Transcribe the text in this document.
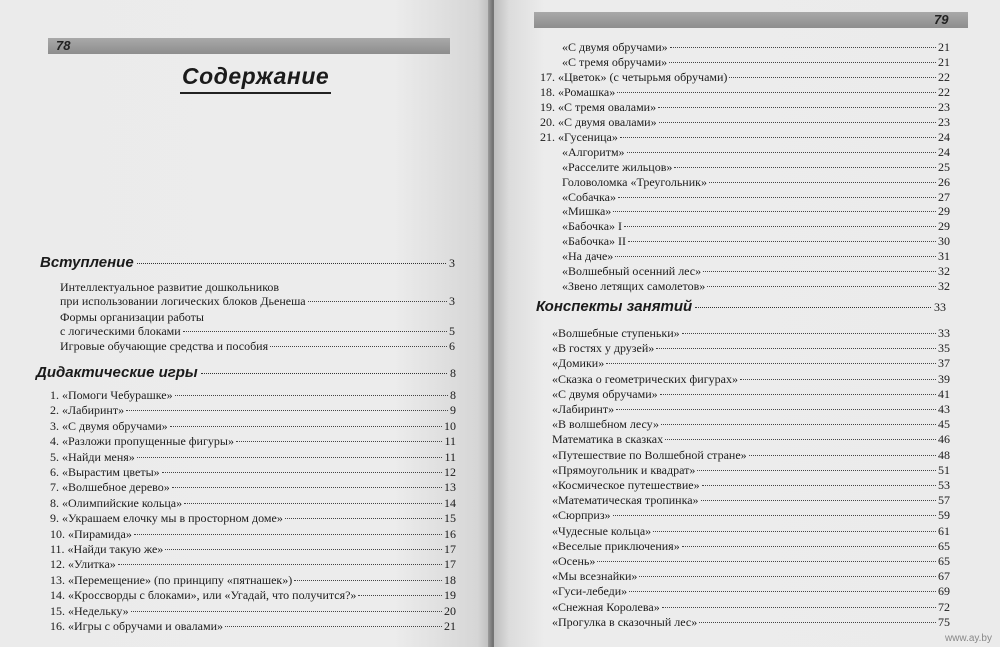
78
Содержание
Вступление	3
Интеллектуальное развитие дошкольников
при использовании логических блоков Дьенеша	3
Формы организации работы
с логическими блоками	5
Игровые обучающие средства и пособия	6
Дидактические игры	8
1. «Помоги Чебурашке»	8
2. «Лабиринт»	9
3. «С двумя обручами»	10
4. «Разложи пропущенные фигуры»	11
5. «Найди меня»	11
6. «Вырастим цветы»	12
7. «Волшебное дерево»	13
8. «Олимпийские кольца»	14
9. «Украшаем елочку мы в просторном доме»	15
10. «Пирамида»	16
11. «Найди такую же»	17
12. «Улитка»	17
13. «Перемещение» (по принципу «пятнашек»)	18
14. «Кроссворды с блоками», или «Угадай, что получится?»	19
15. «Недельку»	20
16. «Игры с обручами и овалами»	21
79
«С двумя обручами»	21
«С тремя обручами»	21
17. «Цветок» (с четырьмя обручами)	22
18. «Ромашка»	22
19. «С тремя овалами»	23
20. «С двумя овалами»	23
21. «Гусеница»	24
«Алгоритм»	24
«Расселите жильцов»	25
Головоломка «Треугольник»	26
«Собачка»	27
«Мишка»	29
«Бабочка» I	29
«Бабочка» II	30
«На даче»	31
«Волшебный осенний лес»	32
«Звено летящих самолетов»	32
Конспекты занятий	33
«Волшебные ступеньки»	33
«В гостях у друзей»	35
«Домики»	37
«Сказка о геометрических фигурах»	39
«С двумя обручами»	41
«Лабиринт»	43
«В волшебном лесу»	45
Математика в сказках	46
«Путешествие по Волшебной стране»	48
«Прямоугольник и квадрат»	51
«Космическое путешествие»	53
«Математическая тропинка»	57
«Сюрприз»	59
«Чудесные кольца»	61
«Веселые приключения»	65
«Осень»	65
«Мы всезнайки»	67
«Гуси-лебеди»	69
«Снежная Королева»	72
«Прогулка в сказочный лес»	75
www.ay.by
